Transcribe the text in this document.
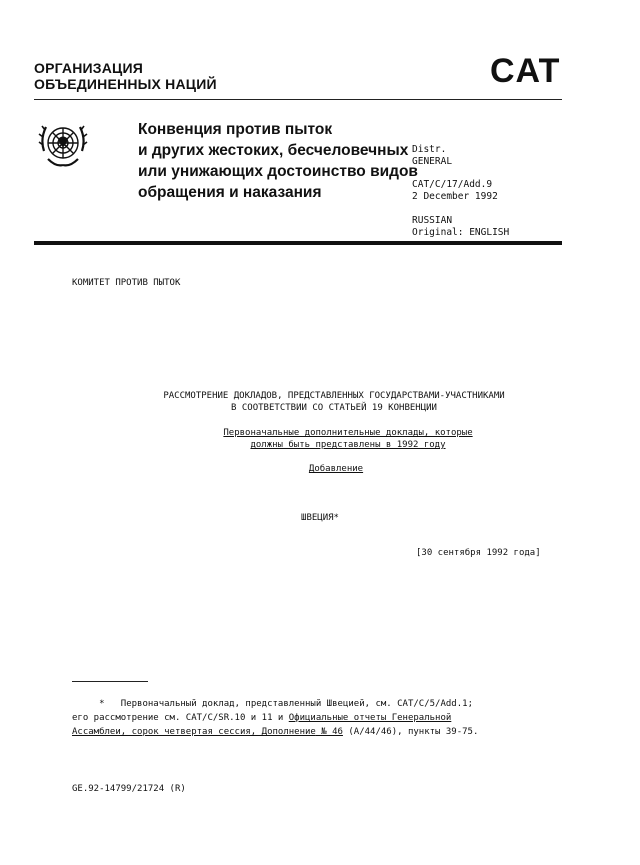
ОРГАНИЗАЦИЯ
ОБЪЕДИНЕННЫХ НАЦИЙ	CAT
Конвенция против пыток
и других жестоких, бесчеловечных
или унижающих достоинство видов
обращения и наказания
Distr.
GENERAL
CAT/C/17/Add.9
2 December 1992
RUSSIAN
Original: ENGLISH
КОМИТЕТ ПРОТИВ ПЫТОК
РАССМОТРЕНИЕ ДОКЛАДОВ, ПРЕДСТАВЛЕННЫХ ГОСУДАРСТВАМИ-УЧАСТНИКАМИ
В СООТВЕТСТВИИ СО СТАТЬЕЙ 19 КОНВЕНЦИИ
Первоначальные дополнительные доклады, которые
должны быть представлены в 1992 году
Добавление
ШВЕЦИЯ*
[30 сентября 1992 года]
* Первоначальный доклад, представленный Швецией, см. CAT/C/5/Add.1;
его рассмотрение см. CAT/C/SR.10 и 11 и Официальные отчеты Генеральной
Ассамблеи, сорок четвертая сессия, Дополнение № 46 (A/44/46), пункты 39-75.
GE.92-14799/21724 (R)
